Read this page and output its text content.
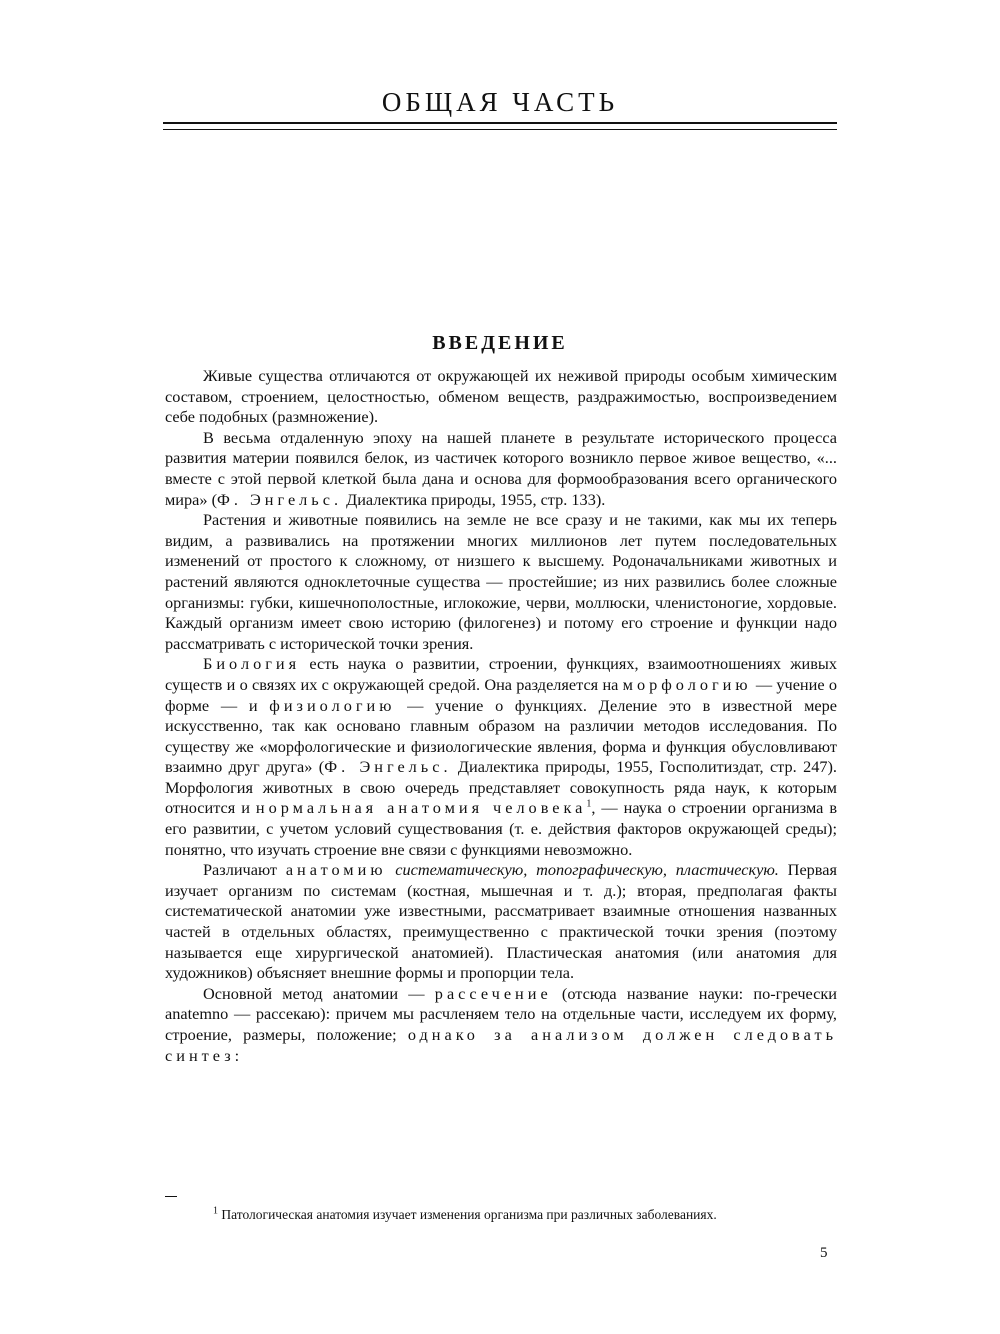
ОБЩАЯ ЧАСТЬ
ВВЕДЕНИЕ

Живые существа отличаются от окружающей их неживой природы особым химическим составом, строением, целостностью, обменом веществ, раздражимостью, воспроизведением себе подобных (размножение).

В весьма отдаленную эпоху на нашей планете в результате исторического процесса развития материи появился белок, из частичек которого возникло первое живое вещество, «... вместе с этой первой клеткой была дана и основа для формообразования всего органического мира» (Ф. Энгельс. Диалектика природы, 1955, стр. 133).

Растения и животные появились на земле не все сразу и не такими, как мы их теперь видим, а развивались на протяжении многих миллионов лет путем последовательных изменений от простого к сложному, от низшего к высшему. Родоначальниками животных и растений являются одноклеточные существа — простейшие; из них развились более сложные организмы: губки, кишечнополостные, иглокожие, черви, моллюски, членистоногие, хордовые. Каждый организм имеет свою историю (филогенез) и потому его строение и функции надо рассматривать с исторической точки зрения.

Биология есть наука о развитии, строении, функциях, взаимоотношениях живых существ и о связях их с окружающей средой. Она разделяется на морфологию — учение о форме — и физиологию — учение о функциях. Деление это в известной мере искусственно, так как основано главным образом на различии методов исследования. По существу же «морфологические и физиологические явления, форма и функция обусловливают взаимно друг друга» (Ф. Энгельс. Диалектика природы, 1955, Госполитиздат, стр. 247). Морфология животных в свою очередь представляет совокупность ряда наук, к которым относится и нормальная анатомия человека$^1$, — наука о строении организма в его развитии, с учетом условий существования (т. е. действия факторов окружающей среды); понятно, что изучать строение вне связи с функциями невозможно.

Различают анатомию систематическую, топографическую, пластическую. Первая изучает организм по системам (костная, мышечная и т. д.); вторая, предполагая факты систематической анатомии уже известными, рассматривает взаимные отношения названных частей в отдельных областях, преимущественно с практической точки зрения (поэтому называется еще хирургической анатомией). Пластическая анатомия (или анатомия для художников) объясняет внешние формы и пропорции тела.

Основной метод анатомии — рассечение (отсюда название науки: по-гречески anatemno — рассекаю): причем мы расчленяем тело на отдельные части, исследуем их форму, строение, размеры, положение; однако за анализом должен следовать синтез:

$^1$ Патологическая анатомия изучает изменения организма при различных заболеваниях.
5
